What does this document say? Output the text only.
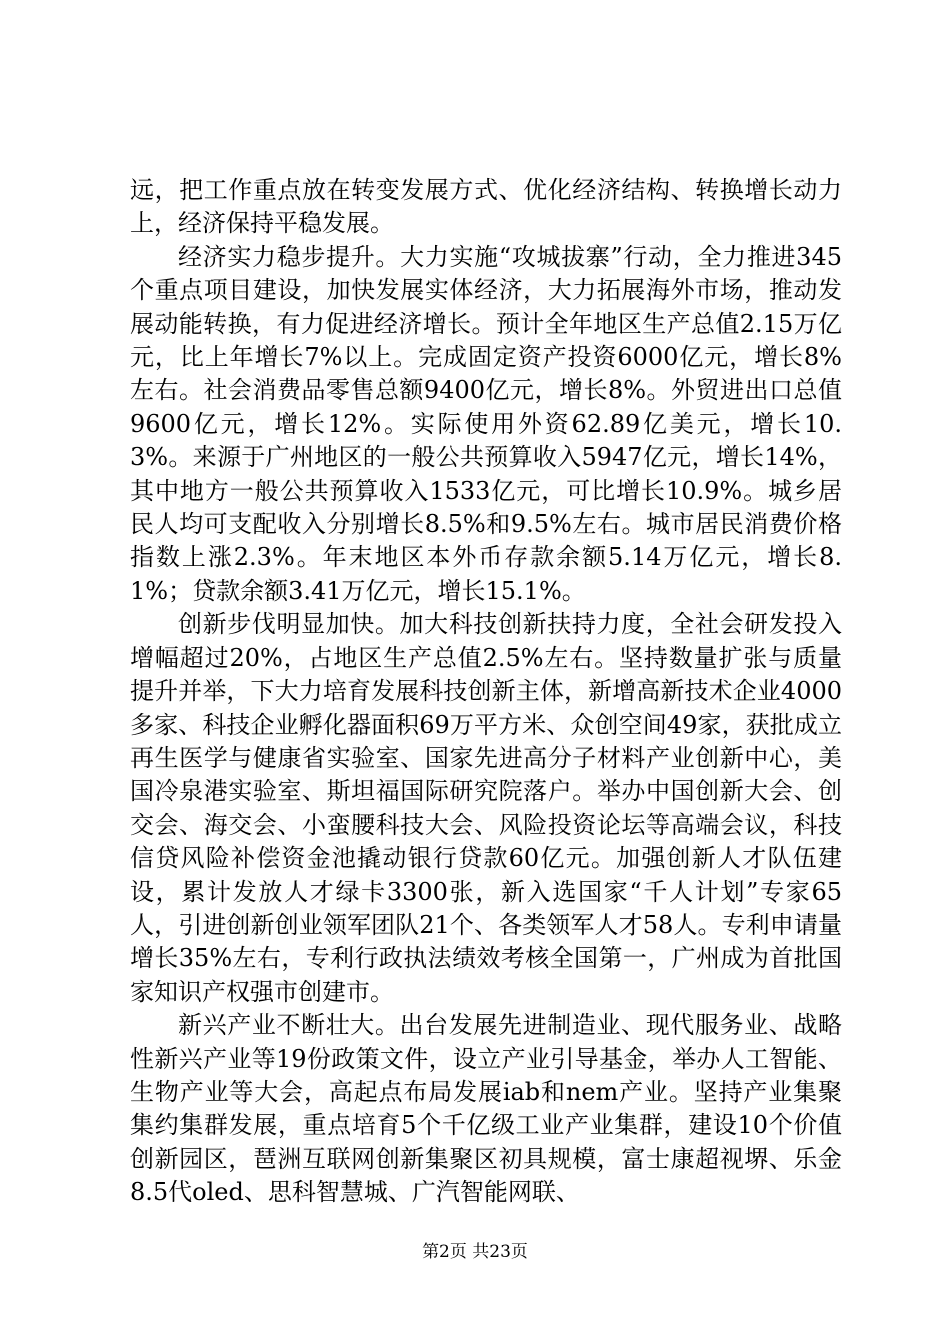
远，把工作重点放在转变发展方式、优化经济结构、转换增长动力上，经济保持平稳发展。

经济实力稳步提升。大力实施“攻城拔寨”行动，全力推进345个重点项目建设，加快发展实体经济，大力拓展海外市场，推动发展动能转换，有力促进经济增长。预计全年地区生产总值2.15万亿元，比上年增长7%以上。完成固定资产投资6000亿元，增长8%左右。社会消费品零售总额9400亿元，增长8%。外贸进出口总值9600亿元，增长12%。实际使用外资62.89亿美元，增长10.3%。来源于广州地区的一般公共预算收入5947亿元，增长14%，其中地方一般公共预算收入1533亿元，可比增长10.9%。城乡居民人均可支配收入分别增长8.5%和9.5%左右。城市居民消费价格指数上涨2.3%。年末地区本外币存款余额5.14万亿元，增长8.1%；贷款余额3.41万亿元，增长15.1%。

创新步伐明显加快。加大科技创新扶持力度，全社会研发投入增幅超过20%，占地区生产总值2.5%左右。坚持数量扩张与质量提升并举，下大力培育发展科技创新主体，新增高新技术企业4000多家、科技企业孵化器面积69万平方米、众创空间49家，获批成立再生医学与健康省实验室、国家先进高分子材料产业创新中心，美国冷泉港实验室、斯坦福国际研究院落户。举办中国创新大会、创交会、海交会、小蛮腰科技大会、风险投资论坛等高端会议，科技信贷风险补偿资金池撬动银行贷款60亿元。加强创新人才队伍建设，累计发放人才绿卡3300张，新入选国家“千人计划”专家65人，引进创新创业领军团队21个、各类领军人才58人。专利申请量增长35%左右，专利行政执法绩效考核全国第一，广州成为首批国家知识产权强市创建市。

新兴产业不断壮大。出台发展先进制造业、现代服务业、战略性新兴产业等19份政策文件，设立产业引导基金，举办人工智能、生物产业等大会，高起点布局发展iab和nem产业。坚持产业集聚集约集群发展，重点培育5个千亿级工业产业集群，建设10个价值创新园区，琶洲互联网创新集聚区初具规模，富士康超视堺、乐金8.5代oled、思科智慧城、广汽智能网联、

第2页 共23页
